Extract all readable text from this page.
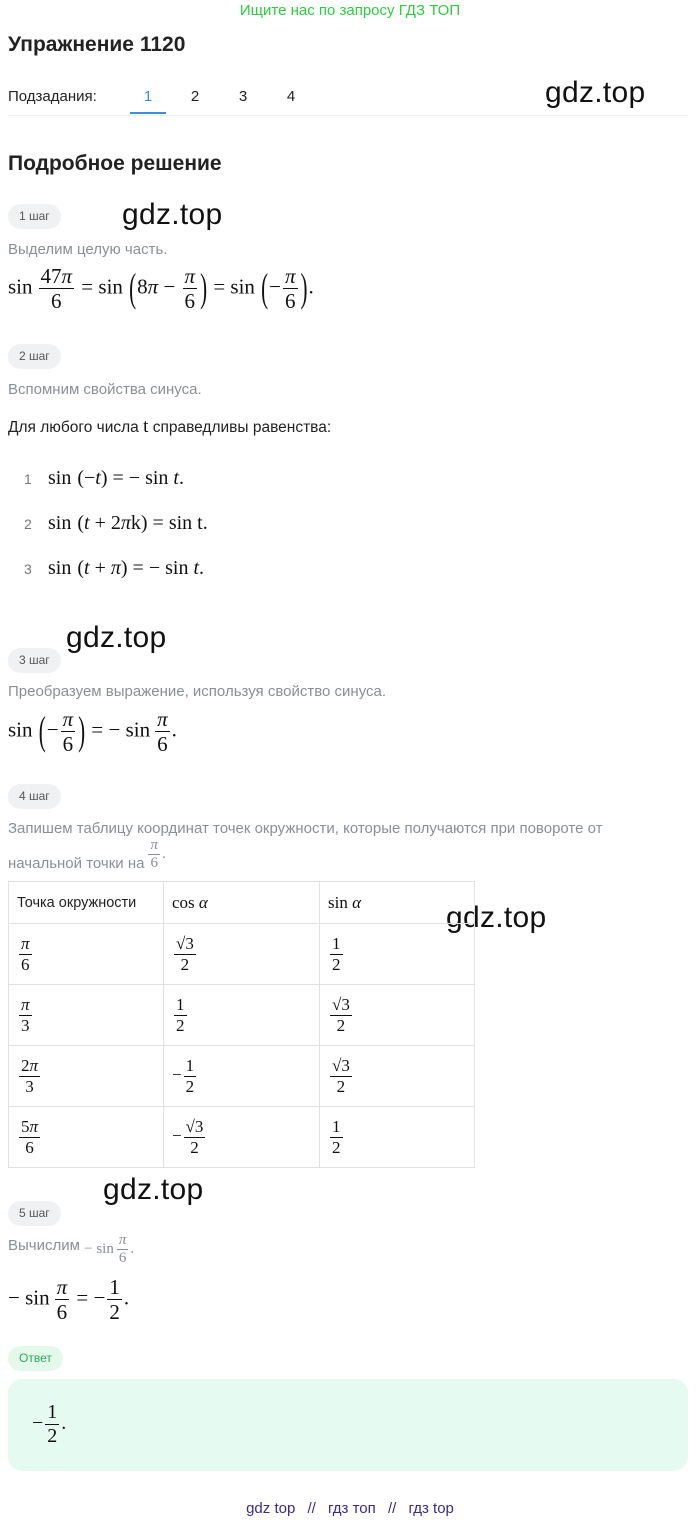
Ищите нас по запросу ГДЗ ТОП
Упражнение 1120
Подзадания:	1	2	3	4	gdz.top
gdz.top
gdz.top
gdz.top
gdz.top
Подробное решение
1 шаг
Выделим целую часть.
$\sin \frac{47\pi}{6} = \sin (8\pi - \frac{\pi}{6}$ ) = sin (− $\frac{\pi}{6}$ ).
2 шаг
Вспомним свойства синуса.
Для любого числа t справедливы равенства:
1 sin (−t) = − sin t.
2 sin (t + 2πk) = sin t.
3 sin (t + π) = − sin t.
3 шаг
Преобразуем выражение, используя свойство синуса.
sin (− $\frac{\pi}{6}$ ) = − $\sin \frac{\pi}{6}$ .
4 шаг
Запишем таблицу координат точек окружности, которые получаются при повороте от
начальной точки на $\frac{\pi}{6}$ .
Точка окружности	cos α	sin α

$\frac{\pi}{6}$	$\frac{√3}{2}$	$\frac{1}{2}$

$\frac{\pi}{3}$	$\frac{1}{2}$	$\frac{√3}{2}$

$\frac{2\pi}{3}$	− $\frac{1}{2}$	$\frac{√3}{2}$

$\frac{5\pi}{6}$	− $\frac{√3}{2}$	$\frac{1}{2}$
5 шаг
Вычислим − $\sin \frac{\pi}{6}$ .
− $\sin \frac{\pi}{6}$ = − $\frac{1}{2}$ .
Ответ
− $\frac{1}{2}$ .
gdz top // гдз топ // гдз top
